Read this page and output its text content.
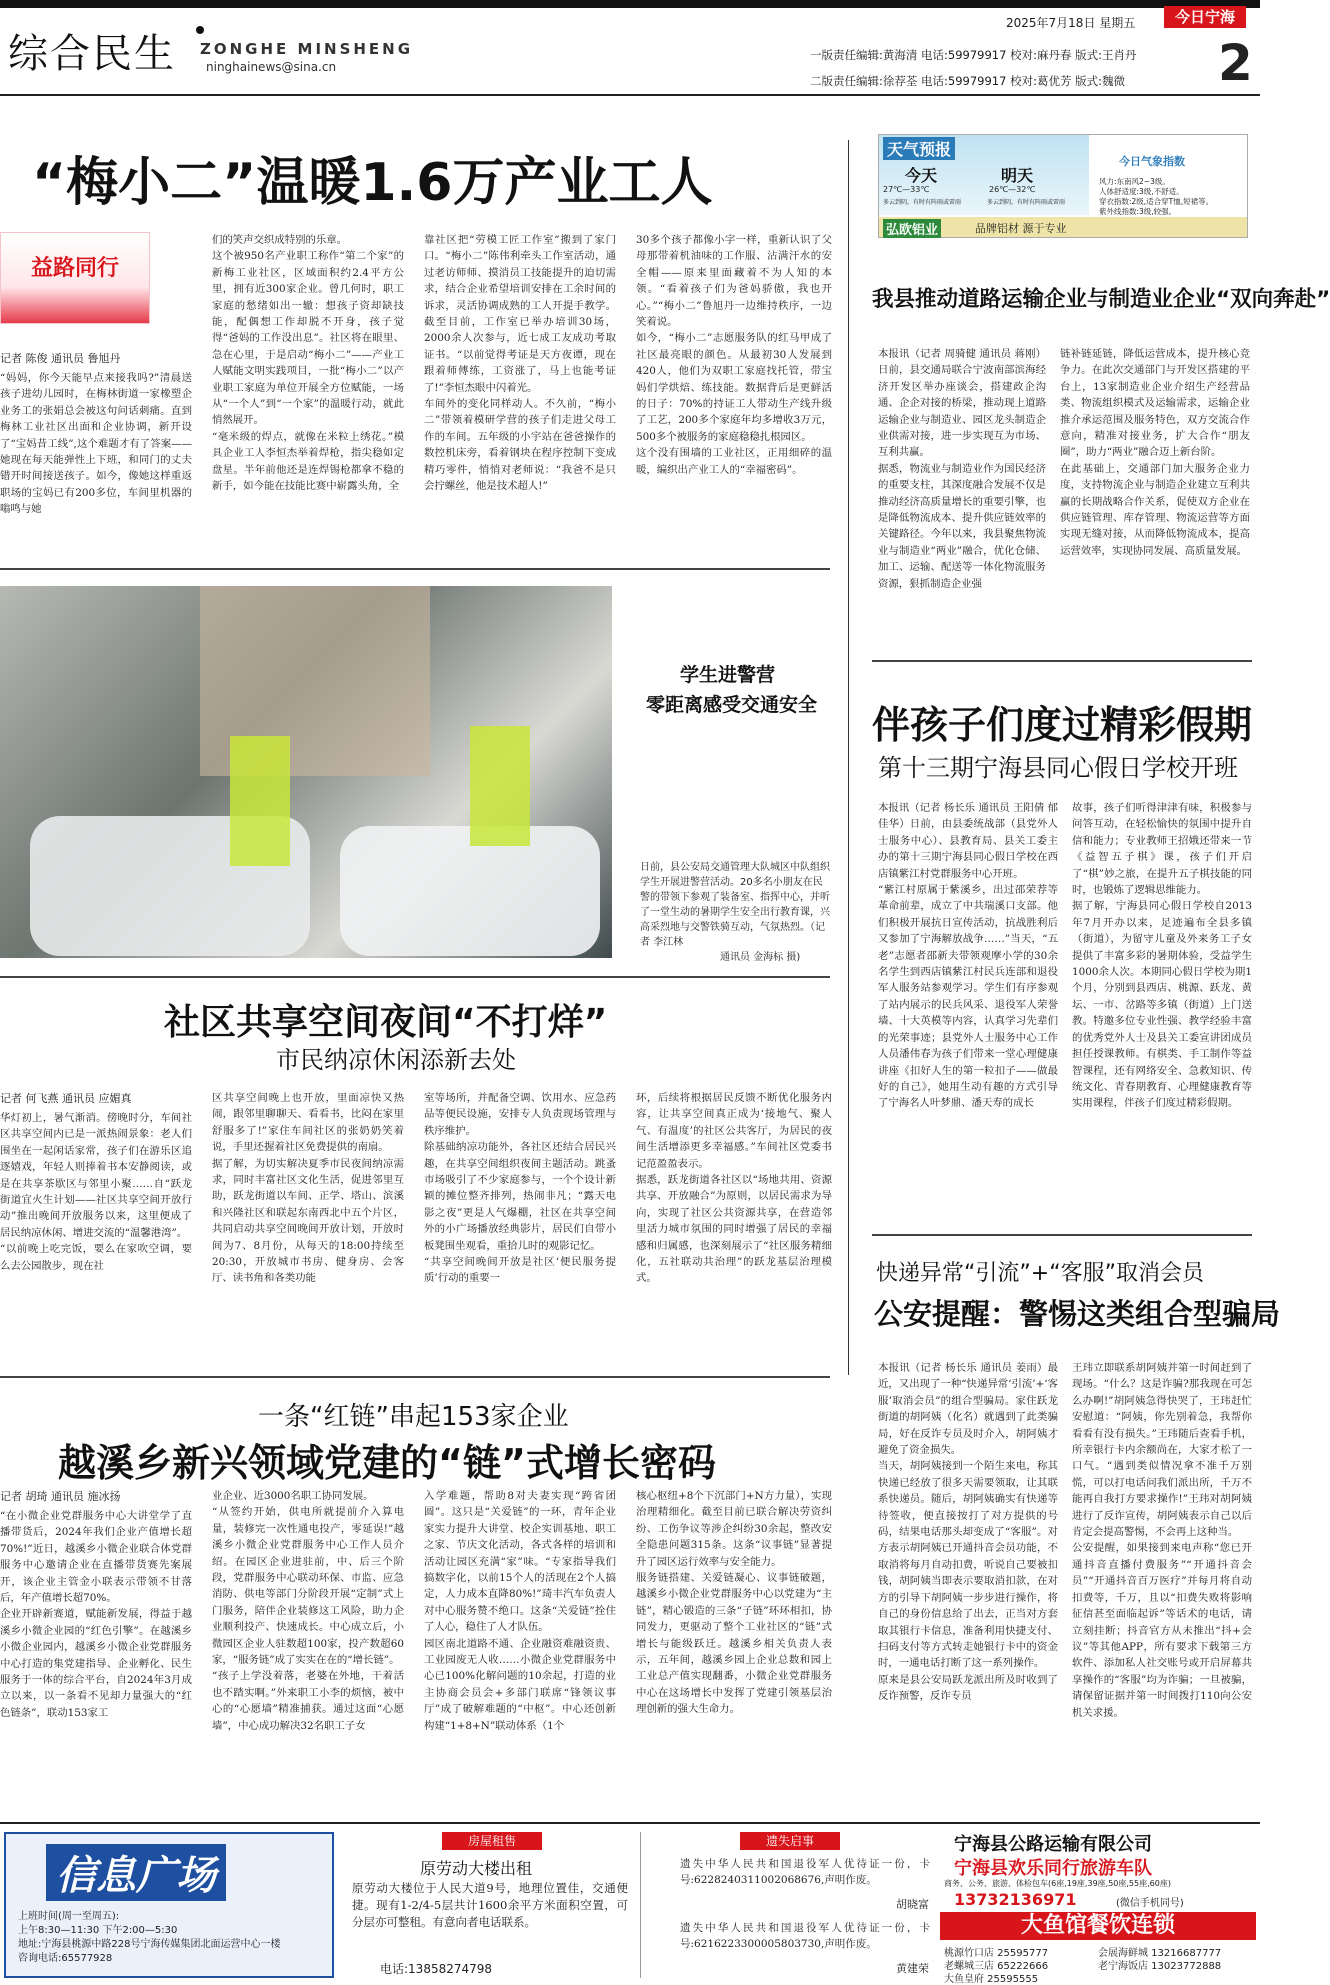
综合民生 ZONGHE MINSHENG
ninghainews@sina.cn
2025年7月18日 星期五	今日宁海
一版责任编辑:黄海清 电话:59979917 校对:麻丹春 版式:王肖丹
二版责任编辑:徐荐荃 电话:59979917 校对:葛优芳 版式:魏微 2
“梅小二”温暖1.6万产业工人
益路同行
记者 陈俊 通讯员 鲁旭丹
“妈妈，你今天能早点来接我吗?”清晨送孩子进幼儿园时，在梅林街道一家橡塑企业务工的张娟总会被这句问话刺痛。直到梅林工业社区出面和企业协调，新开设了“宝妈昔工线”,这个难题才有了答案——她现在每天能弹性上下班，和同门的丈夫错开时间接送孩子。如今，像她这样重返职场的宝妈已有200多位，车间里机器的嗡鸣与她
们的笑声交织成特别的乐章。
这个被950名产业职工称作“第二个家”的新梅工业社区，区域面积约2.4平方公里，拥有近300家企业。曾几何时，职工家庭的愁绪如出一辙：想孩子资却缺技能，配偶想工作却脱不开身，孩子觉得“爸妈的工作没出息”。社区将在眼里、急在心里，于是启动“梅小二”——产业工人赋能文明实践项目，一批“梅小二”以产业职工家庭为单位开展全方位赋能，一场从“一个人”到“一个家”的温暖行动，就此悄然展开。
“毫米级的焊点，就像在米粒上绣花。”模具企业工人李恒杰举着焊枪，指尖稳如定盘星。半年前他还是连焊锡枪都拿不稳的新手，如今能在技能比赛中崭露头角，全
靠社区把“劳模工匠工作室”搬到了家门口。“梅小二”陈伟利牵头工作室活动，通过老访师师、摸消员工技能提升的迫切需求，结合企业希望培训安排在工余时间的诉求，灵活协调成熟的工人开提手教学。截至目前，工作室已举办培训30场，2000余人次参与，近七成工友成功考取证书。“以前觉得考证是天方夜谭，现在跟着师傅练，工资涨了，马上也能考证了!”李恒杰眼中闪着光。
车间外的变化同样动人。不久前，“梅小二”带领着模研学营的孩子们走进父母工作的车间。五年级的小宇站在爸爸操作的数控机床旁，看着钢块在程序控制下变成精巧零件，悄悄对老师说：“我爸不是只会拧螺丝，他是技术超人!”
30多个孩子都像小字一样，重新认识了父母那带着机油味的工作服、沾满汗水的安全帽——原来里面藏着不为人知的本领。“看着孩子们为爸妈骄傲，我也开心。”“梅小二”鲁旭丹一边维持秩序，一边笑着说。
如今，“梅小二”志愿服务队的红马甲成了社区最亮眼的颜色。从最初30人发展到420人，他们为双职工家庭找托管，带宝妈们学烘焙、练技能。数据背后是更鲜活的日子：70%的持证工人带动生产线升级了工艺，200多个家庭年均多增收3万元，500多个被服务的家庭稳稳扎根园区。
这个没有围墙的工业社区，正用细碎的温暖，编织出产业工人的“幸福密码”。
天气预报
今天	明天
27℃—33℃	26℃—32℃
多云到阴，有时有阵雨或雷雨	多云到阴，有时有阵雨或雷雨
今日气象指数
风力:东南风2~3级。
人体舒适度:3级,不舒适。
穿衣指数:2级,适合穿T恤,短裙等。
紫外线指数:3级,较强。
弘欧铝业	品牌铝材 源于专业
我县推动道路运输企业与制造业企业“双向奔赴”
本报讯（记者 周骑健 通讯员 蒋刚）日前，县交通局联合宁波南部滨海经济开发区举办座谈会，搭建政企沟通、企企对接的桥梁，推动现上道路运输企业与制造业、园区龙头制造企业供需对接，进一步实现互为市场、互利共赢。
据悉，物流业与制造业作为国民经济的重要支柱，其深度融合发展不仅是推动经济高质量增长的重要引擎，也是降低物流成本、提升供应链效率的关键路径。今年以来，我县聚焦物流业与制造业“两业”融合，优化仓储、加工、运输、配送等一体化物流服务资源，狠抓制造企业强
链补链延链，降低运营成本，提升核心竞争力。在此次交通部门与开发区搭建的平台上，13家制造业企业介绍生产经营品类、物流组织模式及运输需求，运输企业推介承运范围及服务特色，双方交流合作意向，精准对接业务，扩大合作“朋友圈”，助力“两业”融合迈上新台阶。
在此基础上，交通部门加大服务企业力度，支持物流企业与制造企业建立互利共赢的长期战略合作关系，促使双方企业在供应链管理、库存管理、物流运营等方面实现无缝对接，从而降低物流成本，提高运营效率，实现协同发展、高质量发展。
学生进警营
零距离感受交通安全
日前，县公安局交通管理大队城区中队组织学生开展进警营活动。20多名小朋友在民警的带领下参观了装备室、指挥中心，并听了一堂生动的暑期学生安全出行教育课，兴高采烈地与交警铁骑互动，气氛热烈。（记者 李江林
通讯员 金海标 摄)
伴孩子们度过精彩假期
第十三期宁海县同心假日学校开班
本报讯（记者 杨长乐 通讯员 王阳倩 郁佳华）日前，由县委统战部（县党外人士服务中心）、县教育局、县关工委主办的第十三期宁海县同心假日学校在西店镇紫江村党群服务中心开班。
“紫江村原属于紫溪乡，出过邵荣荐等革命前辈，成立了中共瑞溪口支部。他们积极开展抗日宣传活动，抗战胜利后又参加了宁海解放战争……”当天，“五老”志愿者邵新夫带领观摩小学的30余名学生到西店镇紫江村民兵连部和退役军人服务站参观学习。学生们有序参观了站内展示的民兵风采、退役军人荣誉墙、十大英模等内容，认真学习先辈们的光荣事迹；县党外人士服务中心工作人员潘伟春为孩子们带来一堂心理健康讲座《扣好人生的第一粒扣子——做最好的自己》，她用生动有趣的方式引导了宁海名人叶梦鼎、潘天寿的成长
故事，孩子们听得津津有味，积极参与问答互动，在轻松愉快的氛围中提升自信和能力；专业教师王招娥还带来一节《益智五子棋》课，孩子们开启了“棋”妙之旅，在提升五子棋技能的同时，也锻炼了逻辑思维能力。
据了解，宁海县同心假日学校自2013年7月开办以来，足迹遍布全县多镇（街道），为留守儿童及外来务工子女提供了丰富多彩的暑期体验，受益学生1000余人次。本期同心假日学校为期1个月，分别到县西店、桃源、跃龙、黄坛、一市、岔路等多镇（街道）上门送教。特邀多位专业性强、教学经验丰富的优秀党外人士及县关工委宣讲团成员担任授课教师。有棋类、手工制作等益智课程，还有网络安全、急救知识、传统文化、青春期教育、心理健康教育等实用课程，伴孩子们度过精彩假期。
社区共享空间夜间“不打烊”
市民纳凉休闲添新去处
记者 何飞燕 通讯员 应媚真
华灯初上，暑气渐消。傍晚时分，车间社区共享空间内已是一派热闹景象：老人们围坐在一起闲话家常，孩子们在游乐区追逐嬉戏，年轻人则捧着书本安静阅读，或是在共享茶歇区与邻里小聚……自“跃龙街道宜火生计划——社区共享空间开放行动”推出晚间开放服务以来，这里便成了居民纳凉休闲、增进交流的“温馨港湾”。
“以前晚上吃完饭，要么在家吹空调，要么去公园散步，现在社
区共享空间晚上也开放，里面凉快又热闹，跟邻里聊聊天、看看书，比闷在家里舒服多了!”家住车间社区的张奶奶笑着说，手里还握着社区免费提供的南扇。
据了解，为切实解决夏季市民夜间纳凉需求，同时丰富社区文化生活，促进邻里互助，跃龙街道以车间、正学、塔山、滨溪和兴隆社区和联起东南西北中五个片区，共同启动共享空间晚间开放计划，开放时间为7、8月份，从每天的18:00持续至20:30，开放城市书房、健身房、会客厅、读书角和各类功能
室等场所，并配备空调、饮用水、应急药品等便民设施，安排专人负责现场管理与秩序维护。
除基础纳凉功能外，各社区还结合居民兴趣，在共享空间组织夜间主题活动。跳蚤市场吸引了不少家庭参与，一个个设计新颖的摊位整齐排列，热闹非凡；“露天电影之夜”更是人气爆棚，社区在共享空间外的小广场播放经典影片，居民们自带小板凳围坐观看，重拾儿时的观影记忆。
“共享空间晚间开放是社区‘便民服务提质’行动的重要一
环，后续将根据居民反馈不断优化服务内容，让共享空间真正成为‘接地气、聚人气、有温度’的社区公共客厅，为居民的夜间生活增添更多幸福感。”车间社区党委书记范盈盈表示。
据悉，跃龙街道各社区以“场地共用、资源共享、开放融合”为原则，以居民需求为导向，实现了社区公共资源共享，在营造邻里活力城市氛围的同时增强了居民的幸福感和归属感，也深刻展示了“社区服务精细化，五社联动共治理”的跃龙基层治理模式。	快递异常“引流”+“客服”取消会员
公安提醒：警惕这类组合型骗局
本报讯（记者 杨长乐 通讯员 姜雨）最近，又出现了一种“快递异常‘引流’+‘客服’取消会员”的组合型骗局。家住跃龙街道的胡阿姨（化名）就遇到了此类骗局，好在反诈专员及时介入，胡阿姨才避免了资金损失。
当天，胡阿姨接到一个陌生来电，称其快递已经放了很多天需要领取，让其联系快递员。随后，胡阿姨确实有快递等待签收，便直接按打了对方提供的号码，结果电话那头却变成了“客服”。对方表示胡阿姨已开通抖音会员功能，不取消将每月自动扣费，听说自己要被扣钱，胡阿姨当即表示要取消扣款，在对方的引导下胡阿姨一步步进行操作，将自己的身份信息给了出去，正当对方套取其银行卡信息，准备利用快捷支付、扫码支付等方式转走她银行卡中的资金时，一通电话打断了这一系列操作。
原来是县公安局跃龙派出所及时收到了反诈预警，反诈专员
王玮立即联系胡阿姨并第一时间赶到了现场。“什么？这是诈骗?那我现在可怎么办啊!”胡阿姨急得快哭了，王玮赶忙安慰道：“阿姨，你先别着急，我帮你看看有没有损失。”王玮随后查看手机，所幸银行卡内余额尚在，大家才松了一口气。“遇到类似情况拿不准千万别慌，可以打电话问我们派出所，千万不能再自我打方要求操作!”王玮对胡阿姨进行了反诈宣传，胡阿姨表示自己以后肯定会提高警惕，不会再上这种当。
公安提醒，如果接到来电声称“您已开通抖音直播付费服务”“开通抖音会员”“开通抖音百万医疗”并每月将自动扣费等，千万，且以“扣费失败将影响征信甚至面临起诉”等话术的电话，请立刻挂断；抖音官方从未推出“抖+会议”等其他APP，所有要求下载第三方软件、添加私人社交账号或开启屏幕共享操作的“客服”均为诈骗；一旦被骗，请保留证据并第一时间拨打110向公安机关求援。
一条“红链”串起153家企业
越溪乡新兴领域党建的“链”式增长密码
记者 胡琦 通讯员 施冰扬
“在小微企业党群服务中心大讲堂学了直播带货后，2024年我们企业产值增长超70%!”近日，越溪乡小微企业联合体党群服务中心邀请企业在直播带货赛先案展开，该企业主管金小联表示带领不甘落后，年产值增长超70%。
企业开辟新赛道，赋能新发展，得益于越溪乡小微企业园的“红色引擎”。在越溪乡小微企业园内，越溪乡小微企业党群服务中心打造的集党建指导、企业孵化、民生服务于一体的综合平台，自2024年3月成立以来，以一条看不见却力量强大的“红色链条”，联动153家工
业企业、近3000名职工协同发展。
“从签约开始，供电所就提前介入算电量，装修完一次性通电投产，零延误!”越溪乡小微企业党群服务中心工作人员介绍。在园区企业进驻前，中、后三个阶段，党群服务中心联动环保、市监、应急消防、供电等部门分阶段开展“定制”式上门服务，陪伴企业装修这工风险，助力企业顺利投产、快速成长。中心成立后，小微园区企业人驻数超100家，投产数超60家，“服务链”成了实实在在的“增长链”。
“孩子上学没着落，老婆在外地，干着活也不踏实啊。”外来职工小李的烦恼，被中心的“心愿墙”精准捕获。通过这面“心愿墙”，中心成功解决32名职工子女
入学难题，帮助8对夫妻实现“跨省团圆”。这只是“关爱链”的一环，青年企业家实力提升大讲堂、校企实训基地、职工之家、节庆文化活动，各式各样的培训和活动让园区充满“家”味。“专家指导我们搞数字化，以前15个人的活现在2个人搞定，人力成本直降80%!”琦丰汽车负责人对中心服务赞不绝口。这条“关爱链”拴住了人心，稳住了人才队伍。
园区南北道路不通、企业融资难融资贵、工业园废无人收……小微企业党群服务中心已100%化解问题的10余起，打造的业主协商会员会+多部门联席“锋领议事厅”成了破解难题的“中枢”。中心还创新构建“1+8+N”联动体系（1个
核心枢纽+8个下沉部门+N方力量），实现治理精细化。截至目前已联合解决劳资纠纷、工伤争议等涉企纠纷30余起，整改安全隐患问题315条。这条“议事链”显著提升了园区运行效率与安全能力。
服务链搭建、关爱链凝心、议事链破题，越溪乡小微企业党群服务中心以党建为“主链”，精心锻造的三条“子链”环环相扣，协同发力，更驱动了整个工业社区的“链”式增长与能级跃迁。越溪乡相关负责人表示，五年间，越溪乡园上企业总数和园上工业总产值实现翻番，小微企业党群服务中心在这场增长中发挥了党建引领基层治理创新的强大生命力。
信息广场
上班时间(周一至周五):
上午8:30—11:30 下午2:00—5:30
地址:宁海县桃源中路228号宁海传媒集团北面运营中心一楼
咨询电话:65577928
房屋租售
原劳动大楼出租
原劳动大楼位于人民大道9号，地理位置佳，交通便捷。现有1-2/4-5层共计1600余平方米面积空置，可分层亦可整租。有意向者电话联系。
电话:13858274798
遗失启事
遗失中华人民共和国退役军人优待证一份，卡号:6228240311002068676,声明作废。
胡晓富
遗失中华人民共和国退役军人优待证一份，卡号:6216223300005803730,声明作废。
黄建荣
宁海县公路运输有限公司
宁海县欢乐同行旅游车队
商务、公务、旅游、体检包车(6座,19座,39座,50座,55座,60座)
13732136971	(微信手机同号)
大鱼馆餐饮连锁
桃源竹口店 25595777	会展海鲜城 13216687777
老螺城三店 65222666	老宁海饭店 13023772888
大鱼皇府 25595555
